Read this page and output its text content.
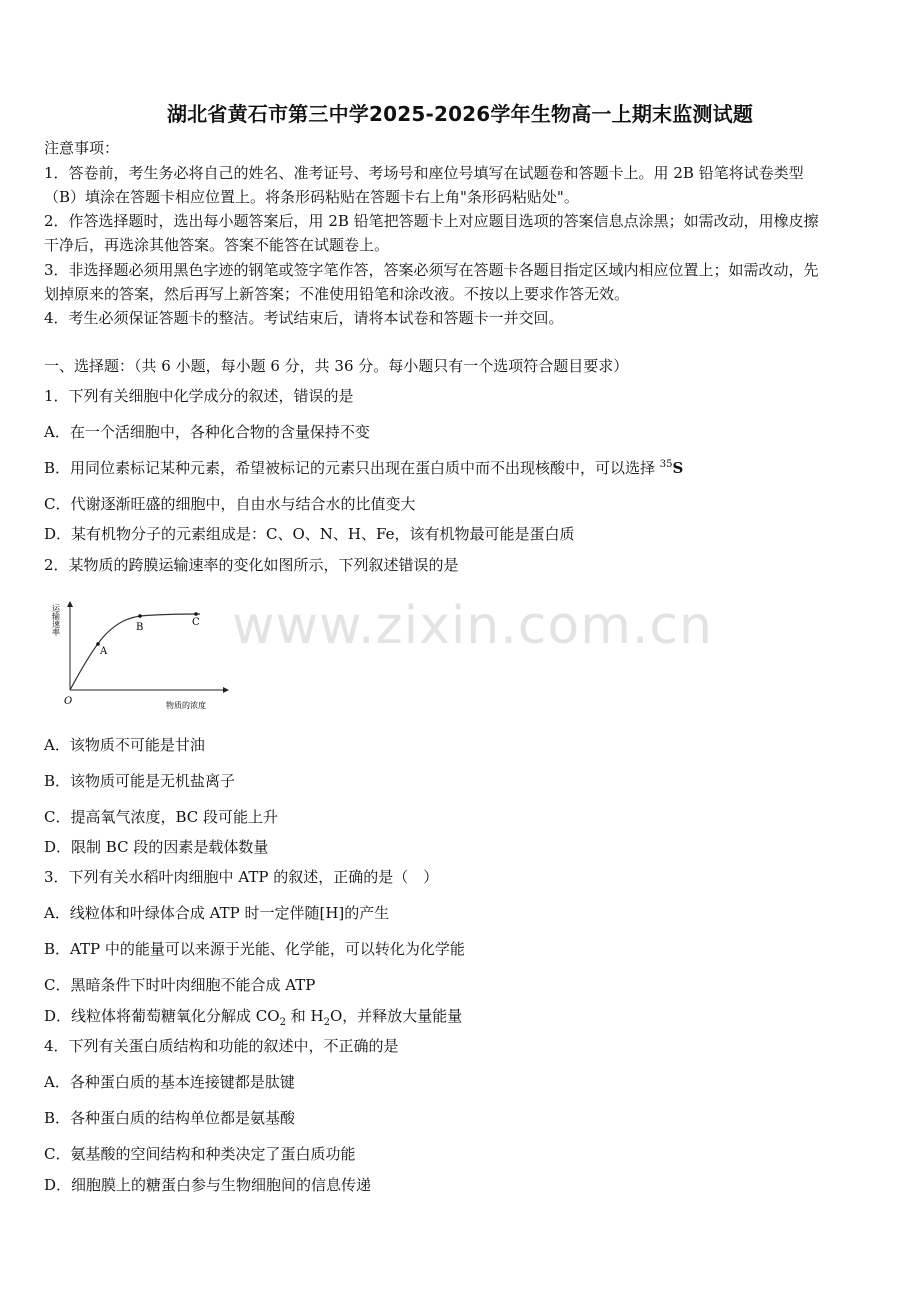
www.zixin.com.cn
湖北省黄石市第三中学2025-2026学年生物高一上期末监测试题
注意事项：
1．答卷前，考生务必将自己的姓名、准考证号、考场号和座位号填写在试题卷和答题卡上。用 2B 铅笔将试卷类型
（B）填涂在答题卡相应位置上。将条形码粘贴在答题卡右上角"条形码粘贴处"。
2．作答选择题时，选出每小题答案后，用 2B 铅笔把答题卡上对应题目选项的答案信息点涂黑；如需改动，用橡皮擦
干净后，再选涂其他答案。答案不能答在试题卷上。
3．非选择题必须用黑色字迹的钢笔或签字笔作答，答案必须写在答题卡各题目指定区域内相应位置上；如需改动，先
划掉原来的答案，然后再写上新答案；不准使用铅笔和涂改液。不按以上要求作答无效。
4．考生必须保证答题卡的整洁。考试结束后，请将本试卷和答题卡一并交回。
一、选择题：（共 6 小题，每小题 6 分，共 36 分。每小题只有一个选项符合题目要求）
1．下列有关细胞中化学成分的叙述，错误的是
A．在一个活细胞中，各种化合物的含量保持不变
B．用同位素标记某种元素，希望被标记的元素只出现在蛋白质中而不出现核酸中，可以选择 $^{35}$S
C．代谢逐渐旺盛的细胞中，自由水与结合水的比值变大
D．某有机物分子的元素组成是：C、O、N、H、Fe，该有机物最可能是蛋白质
2．某物质的跨膜运输速率的变化如图所示，下列叙述错误的是
A
B	C
O	物质的浓度
运输速率
A．该物质不可能是甘油
B．该物质可能是无机盐离子
C．提高氧气浓度，BC 段可能上升
D．限制 BC 段的因素是载体数量
3．下列有关水稻叶肉细胞中 ATP 的叙述，正确的是（　）
A．线粒体和叶绿体合成 ATP 时一定伴随[H]的产生
B．ATP 中的能量可以来源于光能、化学能，可以转化为化学能
C．黑暗条件下时叶肉细胞不能合成 ATP
D．线粒体将葡萄糖氧化分解成 $CO_2$ 和 $H_2O$，并释放大量能量
4．下列有关蛋白质结构和功能的叙述中，不正确的是
A．各种蛋白质的基本连接键都是肽键
B．各种蛋白质的结构单位都是氨基酸
C．氨基酸的空间结构和种类决定了蛋白质功能
D．细胞膜上的糖蛋白参与生物细胞间的信息传递
